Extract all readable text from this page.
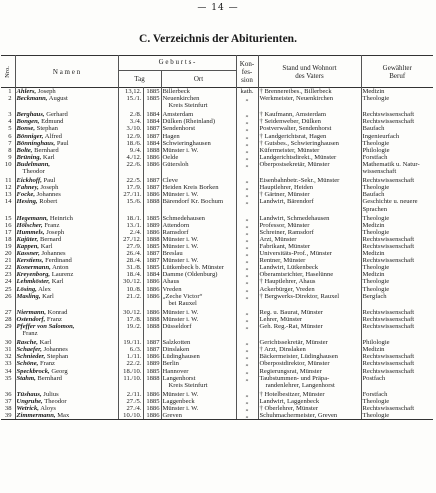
— 14 —
C. Verzeichnis der Abiturienten.
Nro.	N a m e n	G e b u r t s -			Kon-
fes-
sion	Stand und Wohnort
des Vaters	Gewählter
Beruf
		Tag		Ort			
1	Ahlers, Joseph	13,12.	1885	Billerbeck	kath.	† Brennereibes., Billerbeck	Medizin
2	Beckmann, August	15./1.	1885	Neuenkirchen
Kreis Steinfurt	„	Werkmeister, Neuenkirchen	Theologie
3	Berghaus, Gerhard	2./8.	1884	Amsterdam	„	† Kaufmann, Amsterdam	Rechtswissenschaft
4	Bongen, Edmund	3./4.	1884	Dülken (Rheinland)	„	† Seidenweber, Dülken	Rechtswissenschaft
5	Bonse, Stephan	3./10.	1887	Sendenhorst	„	Postverwalter, Sendenhorst	Baufach
6	Bönniger, Alfred	12./9.	1887	Hagen	„	† Landgerichtsrat, Hagen	Ingenieurfach
7	Bönninghaus, Paul	18./6.	1884	Schwieringhausen	„	† Gutsbes., Schwieringhausen	Theologie
8	Bolte, Bernhard	9./4.	1888	Münster i. W.	„	Küfermeister, Münster	Philologie
9	Brüning, Karl	4./12.	1886	Oelde	„	Landgerichtsdirekt., Münster	Forstfach
10	Budelmann,
Theodor	22./6.	1886	Gütersloh	„	Oberpostsekretär, Münster	Mathematik u. Natur-
wissenschaft

11	Eickhoff, Paul	22./5.	1887	Cleve	„	Eisenbahnbetr.-Sekr., Münster	Rechtswissenschaft
12	Fahney, Joseph	17./9.	1887	Heiden Kreis Borken	„	Hauptlehrer, Heiden	Theologie
13	Focke, Johannes	27./11.	1886	Münster i. W.	„	† Gärtner, Münster	Baufach
14	Hesing, Robert	15./6.	1888	Bärendorf Kr. Bochum	„	Landwirt, Bärendorf	Geschichte u. neuere
Sprachen

15	Hegemann, Heinrich	18./1.	1885	Schmedehausen	„	Landwirt, Schmedehausen	Theologie
16	Hölscher, Franz	13./1.	1889	Attendorn	„	Professor, Münster	Medizin
17	Hummels, Joseph	2./4.	1886	Ramsdorf	„	Schreiner, Ramsdorf	Theologie
18	Kajüter, Bernard	27./12.	1888	Münster i. W.	„	Arzt, Münster	Rechtswissenschaft
19	Kappen, Karl	27./9.	1885	Münster i. W.	„	Fabrikant, Münster	Rechtswissenschaft
20	Kassner, Johannes	26./4.	1887	Breslau	„	Universitäts-Prof., Münster	Medizin
21	Kerstiens, Ferdinand	28./4.	1887	Münster i. W.	„	Rentner, Münster	Rechtswissenschaft
22	Konermann, Anton	31./8.	1885	Lütkenbeck b. Münster	„	Landwirt, Lütkenbeck	Theologie
23	Kreyenborg, Laurenz	18./4.	1884	Damme (Oldenburg)	„	Oberamtsrichter, Haselünne	Medizin
24	Lehmköster, Karl	30./12.	1886	Ahaus	„	† Hauptlehrer, Ahaus	Theologie
25	Lösing, Alex	10./8.	1886	Vreden	„	Ackerbürger, Vreden	Theologie
26	Masling, Karl	21./2.	1886	„Zeche Victor“
bei Rauxel	„	† Bergwerks-Direktor, Rauxel	Bergfach
27	Niermann, Konrad	30./12.	1886	Münster i. W.	„	Reg. u. Baurat, Münster	Rechtswissenschaft
28	Ostendorf, Franz	17./8.	1888	Münster i. W.	„	Lehrer, Münster	Rechtswissenschaft
29	Pfeffer von Salomon,
Franz	19./2.	1888	Düsseldorf	„	Geh. Reg.-Rat, Münster	Rechtswissenschaft
30	Rasche, Karl	19./11.	1887	Salzkotten	„	Gerichtssekretär, Münster	Philologie
31	Schaefer, Johannes	6./3.	1887	Dinslaken	„	† Arzt, Dinslaken	Medizin
32	Schnieder, Stephan	1./11.	1886	Lüdinghausen	„	Bäckermeister, Lüdinghausen	Rechtswissenschaft
33	Schöne, Franz	22./2.	1889	Berlin	„	Oberpostdirektor, Münster	Rechtswissenschaft
34	Speckbrock, Georg	18./10.	1885	Hannover	„	Regierungsrat, Münster	Rechtswissenschaft
35	Stahm, Bernhard	11./10.	1888	Langenhorst
Kreis Steinfurt	„	Taubstummen- und Präpa-
randenlehrer, Langenhorst	Postfach
36	Tüshaus, Julius	2./11.	1886	Münster i. W.	„	† Hotelbesitzer, Münster	Forstfach
37	Ungruhe, Theodor	27./5.	1885	Laggenbeck	„	Landwirt, Laggenbeck	Theologie
38	Wetrick, Aloys	27./4.	1886	Münster i. W.	„	† Oberlehrer, Münster	Rechtswissenschaft
39	Zimmermann, Max	10./10.	1886	Greven	„	Schuhmachermeister, Greven	Theologie
